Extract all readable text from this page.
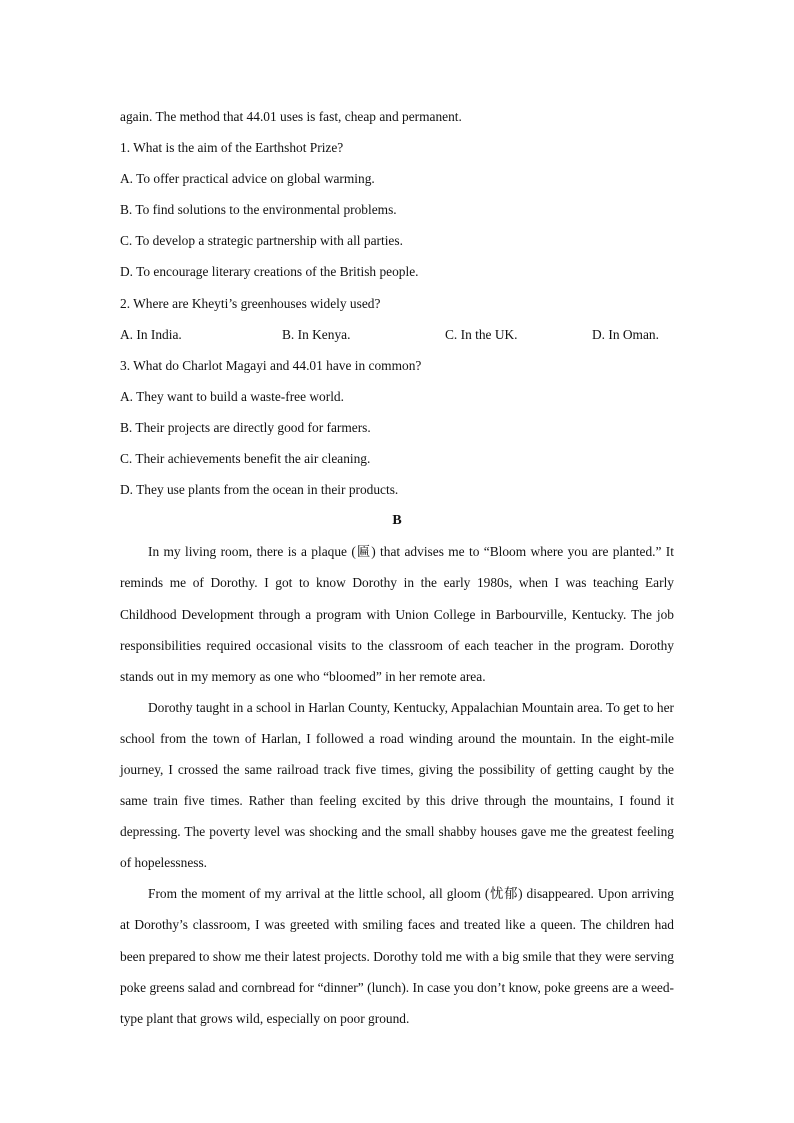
again. The method that 44.01 uses is fast, cheap and permanent.
1. What is the aim of the Earthshot Prize?
A. To offer practical advice on global warming.
B. To find solutions to the environmental problems.
C. To develop a strategic partnership with all parties.
D. To encourage literary creations of the British people.
2. Where are Kheyti’s greenhouses widely used?
A. In India.	B. In Kenya.	C. In the UK.	D. In Oman.
3. What do Charlot Magayi and 44.01 have in common?
A. They want to build a waste-free world.
B. Their projects are directly good for farmers.
C. Their achievements benefit the air cleaning.
D. They use plants from the ocean in their products.
B

In my living room, there is a plaque (匾) that advises me to “Bloom where you are planted.” It reminds me of Dorothy. I got to know Dorothy in the early 1980s, when I was teaching Early Childhood Development through a program with Union College in Barbourville, Kentucky. The job responsibilities required occasional visits to the classroom of each teacher in the program. Dorothy stands out in my memory as one who “bloomed” in her remote area.

Dorothy taught in a school in Harlan County, Kentucky, Appalachian Mountain area. To get to her school from the town of Harlan, I followed a road winding around the mountain. In the eight-mile journey, I crossed the same railroad track five times, giving the possibility of getting caught by the same train five times. Rather than feeling excited by this drive through the mountains, I found it depressing. The poverty level was shocking and the small shabby houses gave me the greatest feeling of hopelessness.

From the moment of my arrival at the little school, all gloom (忧郁) disappeared. Upon arriving at Dorothy’s classroom, I was greeted with smiling faces and treated like a queen. The children had been prepared to show me their latest projects. Dorothy told me with a big smile that they were serving poke greens salad and cornbread for “dinner” (lunch). In case you don’t know, poke greens are a weed-type plant that grows wild, especially on poor ground.
